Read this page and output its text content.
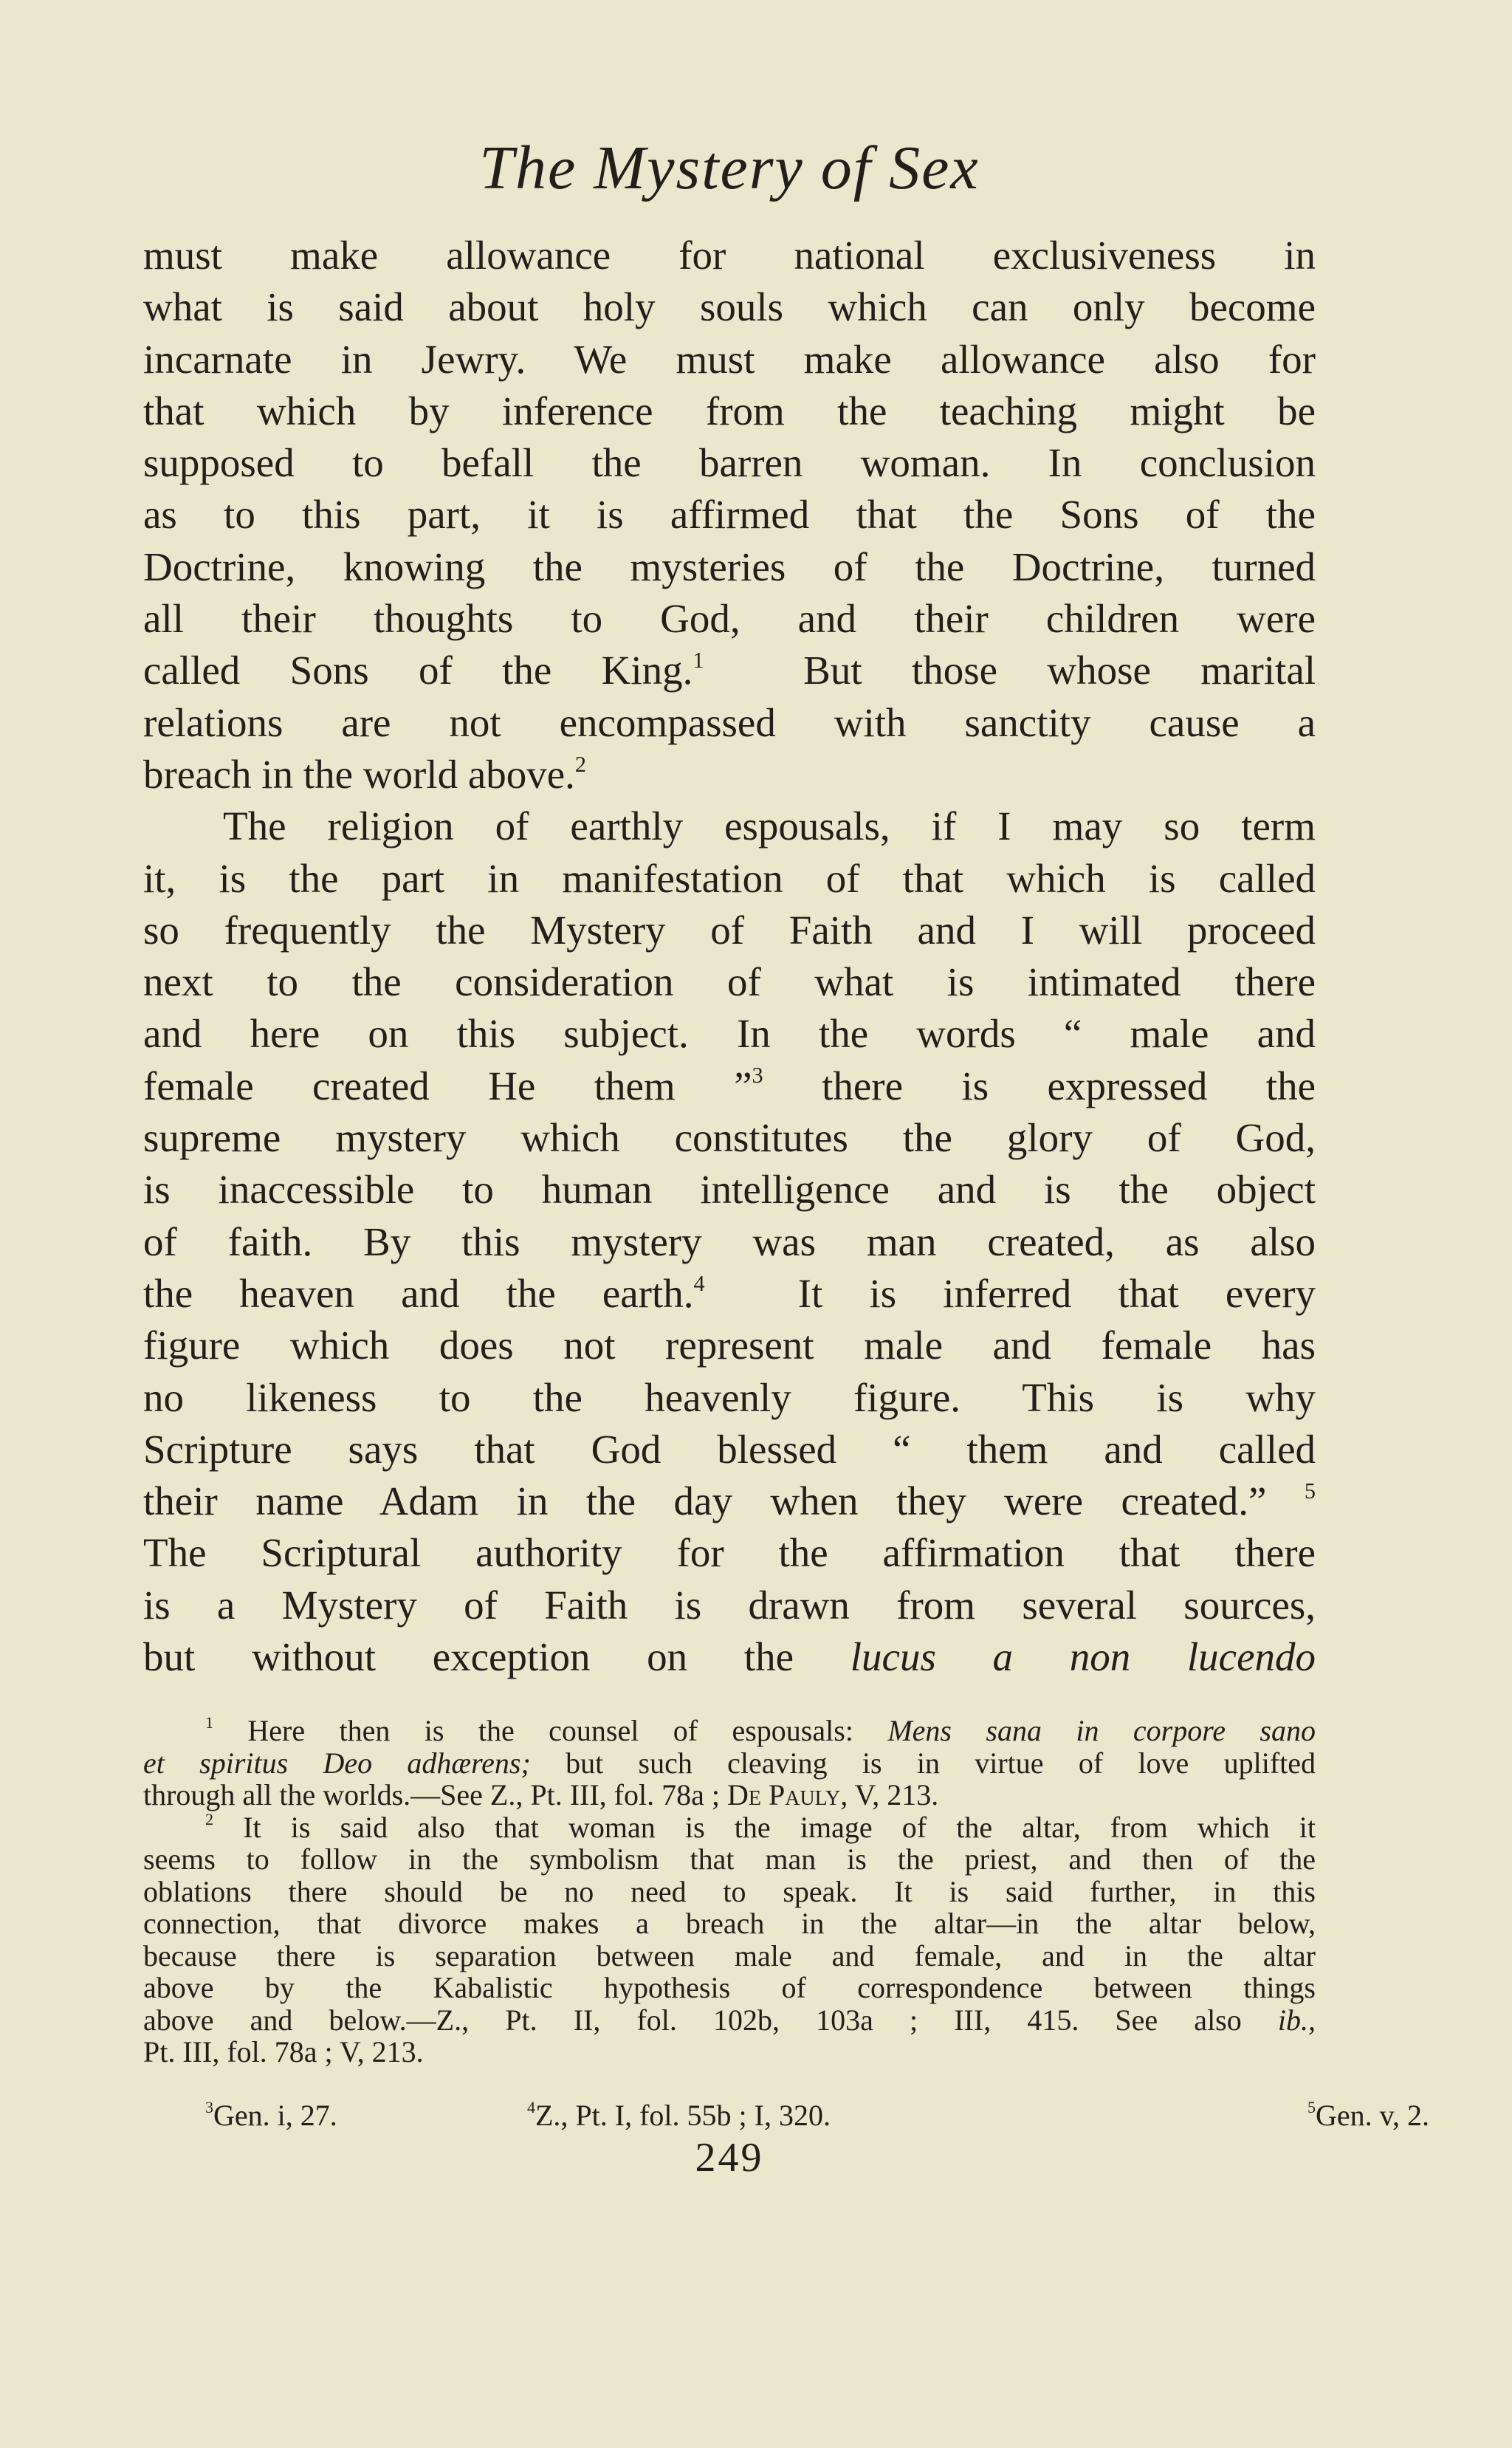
The Mystery of Sex
must make allowance for national exclusiveness in
what is said about holy souls which can only become
incarnate in Jewry. We must make allowance also for
that which by inference from the teaching might be
supposed to befall the barren woman. In conclusion
as to this part, it is affirmed that the Sons of the
Doctrine, knowing the mysteries of the Doctrine, turned
all their thoughts to God, and their children were
called Sons of the King.$^1$ But those whose marital
relations are not encompassed with sanctity cause a
breach in the world above.$^2$
The religion of earthly espousals, if I may so term
it, is the part in manifestation of that which is called
so frequently the Mystery of Faith and I will proceed
next to the consideration of what is intimated there
and here on this subject. In the words “ male and
female created He them ”$^3$ there is expressed the
supreme mystery which constitutes the glory of God,
is inaccessible to human intelligence and is the object
of faith. By this mystery was man created, as also
the heaven and the earth.$^4$ It is inferred that every
figure which does not represent male and female has
no likeness to the heavenly figure. This is why
Scripture says that God blessed “ them and called
their name Adam in the day when they were created.” $^5$
The Scriptural authority for the affirmation that there
is a Mystery of Faith is drawn from several sources,
but without exception on the lucus a non lucendo
$^1$ Here then is the counsel of espousals: Mens sana in corpore sano
et spiritus Deo adhærens; but such cleaving is in virtue of love uplifted
through all the worlds.—See Z., Pt. III, fol. 78a ; De Pauly, V, 213.
$^2$ It is said also that woman is the image of the altar, from which it
seems to follow in the symbolism that man is the priest, and then of the
oblations there should be no need to speak. It is said further, in this
connection, that divorce makes a breach in the altar—in the altar below,
because there is separation between male and female, and in the altar
above by the Kabalistic hypothesis of correspondence between things
above and below.—Z., Pt. II, fol. 102b, 103a ; III, 415. See also ib.,
Pt. III, fol. 78a ; V, 213.
$^3$ Gen. i, 27.	$^4$ Z., Pt. I, fol. 55b ; I, 320.	$^5$ Gen. v, 2.
249
